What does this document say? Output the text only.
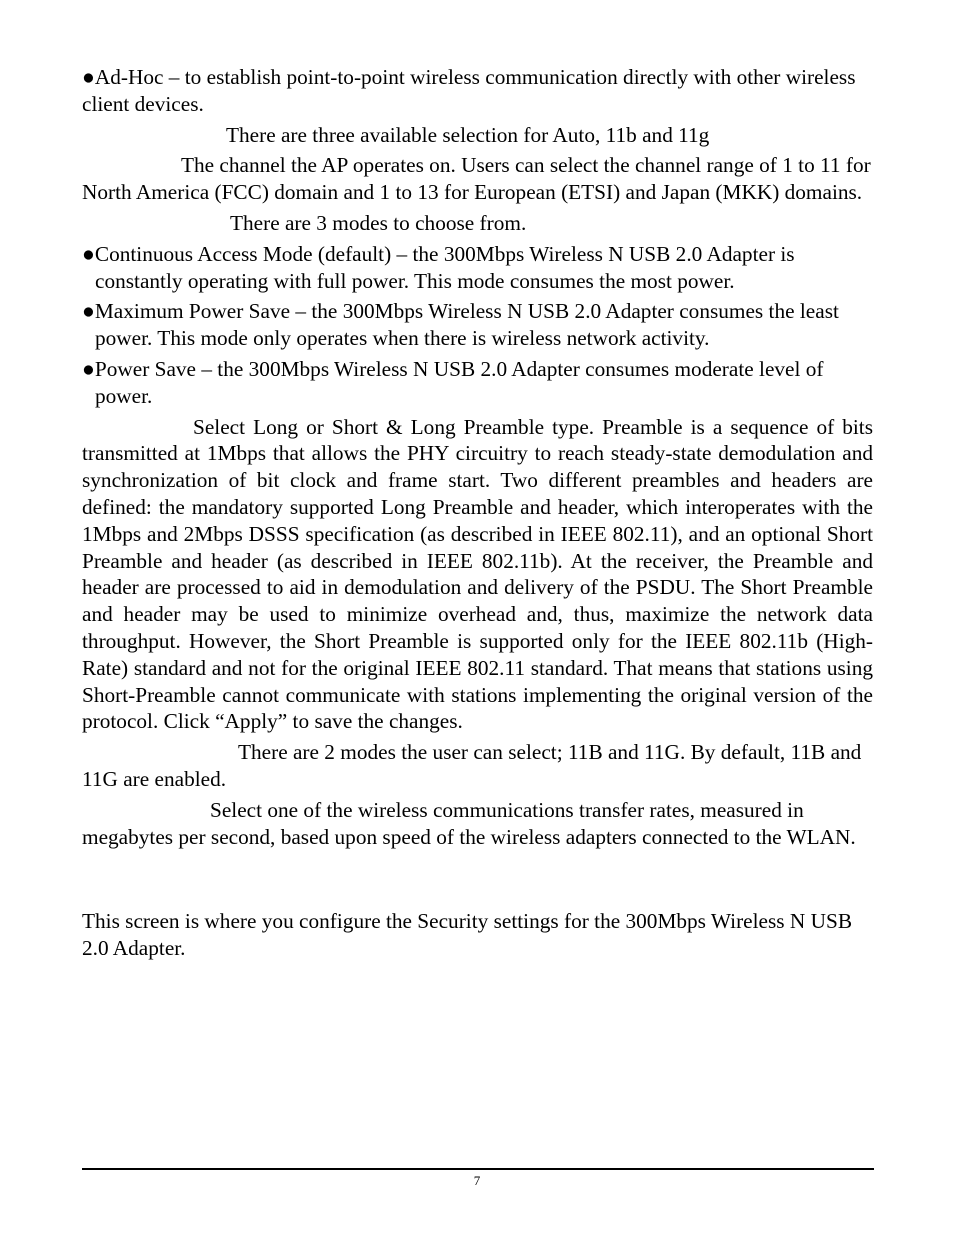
●Ad-Hoc – to establish point-to-point wireless communication directly with other wireless client devices.

There are three available selection for Auto, 11b and 11g

The channel the AP operates on. Users can select the channel range of 1 to 11 for North America (FCC) domain and 1 to 13 for European (ETSI) and Japan (MKK) domains.

There are 3 modes to choose from.

●Continuous Access Mode (default) – the 300Mbps Wireless N USB 2.0 Adapter is constantly operating with full power. This mode consumes the most power.

●Maximum Power Save – the 300Mbps Wireless N USB 2.0 Adapter consumes the least power. This mode only operates when there is wireless network activity.

●Power Save – the 300Mbps Wireless N USB 2.0 Adapter consumes moderate level of power.

Select Long or Short & Long Preamble type. Preamble is a sequence of bits transmitted at 1Mbps that allows the PHY circuitry to reach steady-state demodulation and synchronization of bit clock and frame start. Two different preambles and headers are defined: the mandatory supported Long Preamble and header, which interoperates with the 1Mbps and 2Mbps DSSS specification (as described in IEEE 802.11), and an optional Short Preamble and header (as described in IEEE 802.11b). At the receiver, the Preamble and header are processed to aid in demodulation and delivery of the PSDU. The Short Preamble and header may be used to minimize overhead and, thus, maximize the network data throughput. However, the Short Preamble is supported only for the IEEE 802.11b (High- Rate) standard and not for the original IEEE 802.11 standard. That means that stations using Short-Preamble cannot communicate with stations implementing the original version of the protocol. Click “Apply” to save the changes.

There are 2 modes the user can select; 11B and 11G. By default, 11B and 11G are enabled.

Select one of the wireless communications transfer rates, measured in megabytes per second, based upon speed of the wireless adapters connected to the WLAN.

This screen is where you configure the Security settings for the 300Mbps Wireless N USB 2.0 Adapter.

7
